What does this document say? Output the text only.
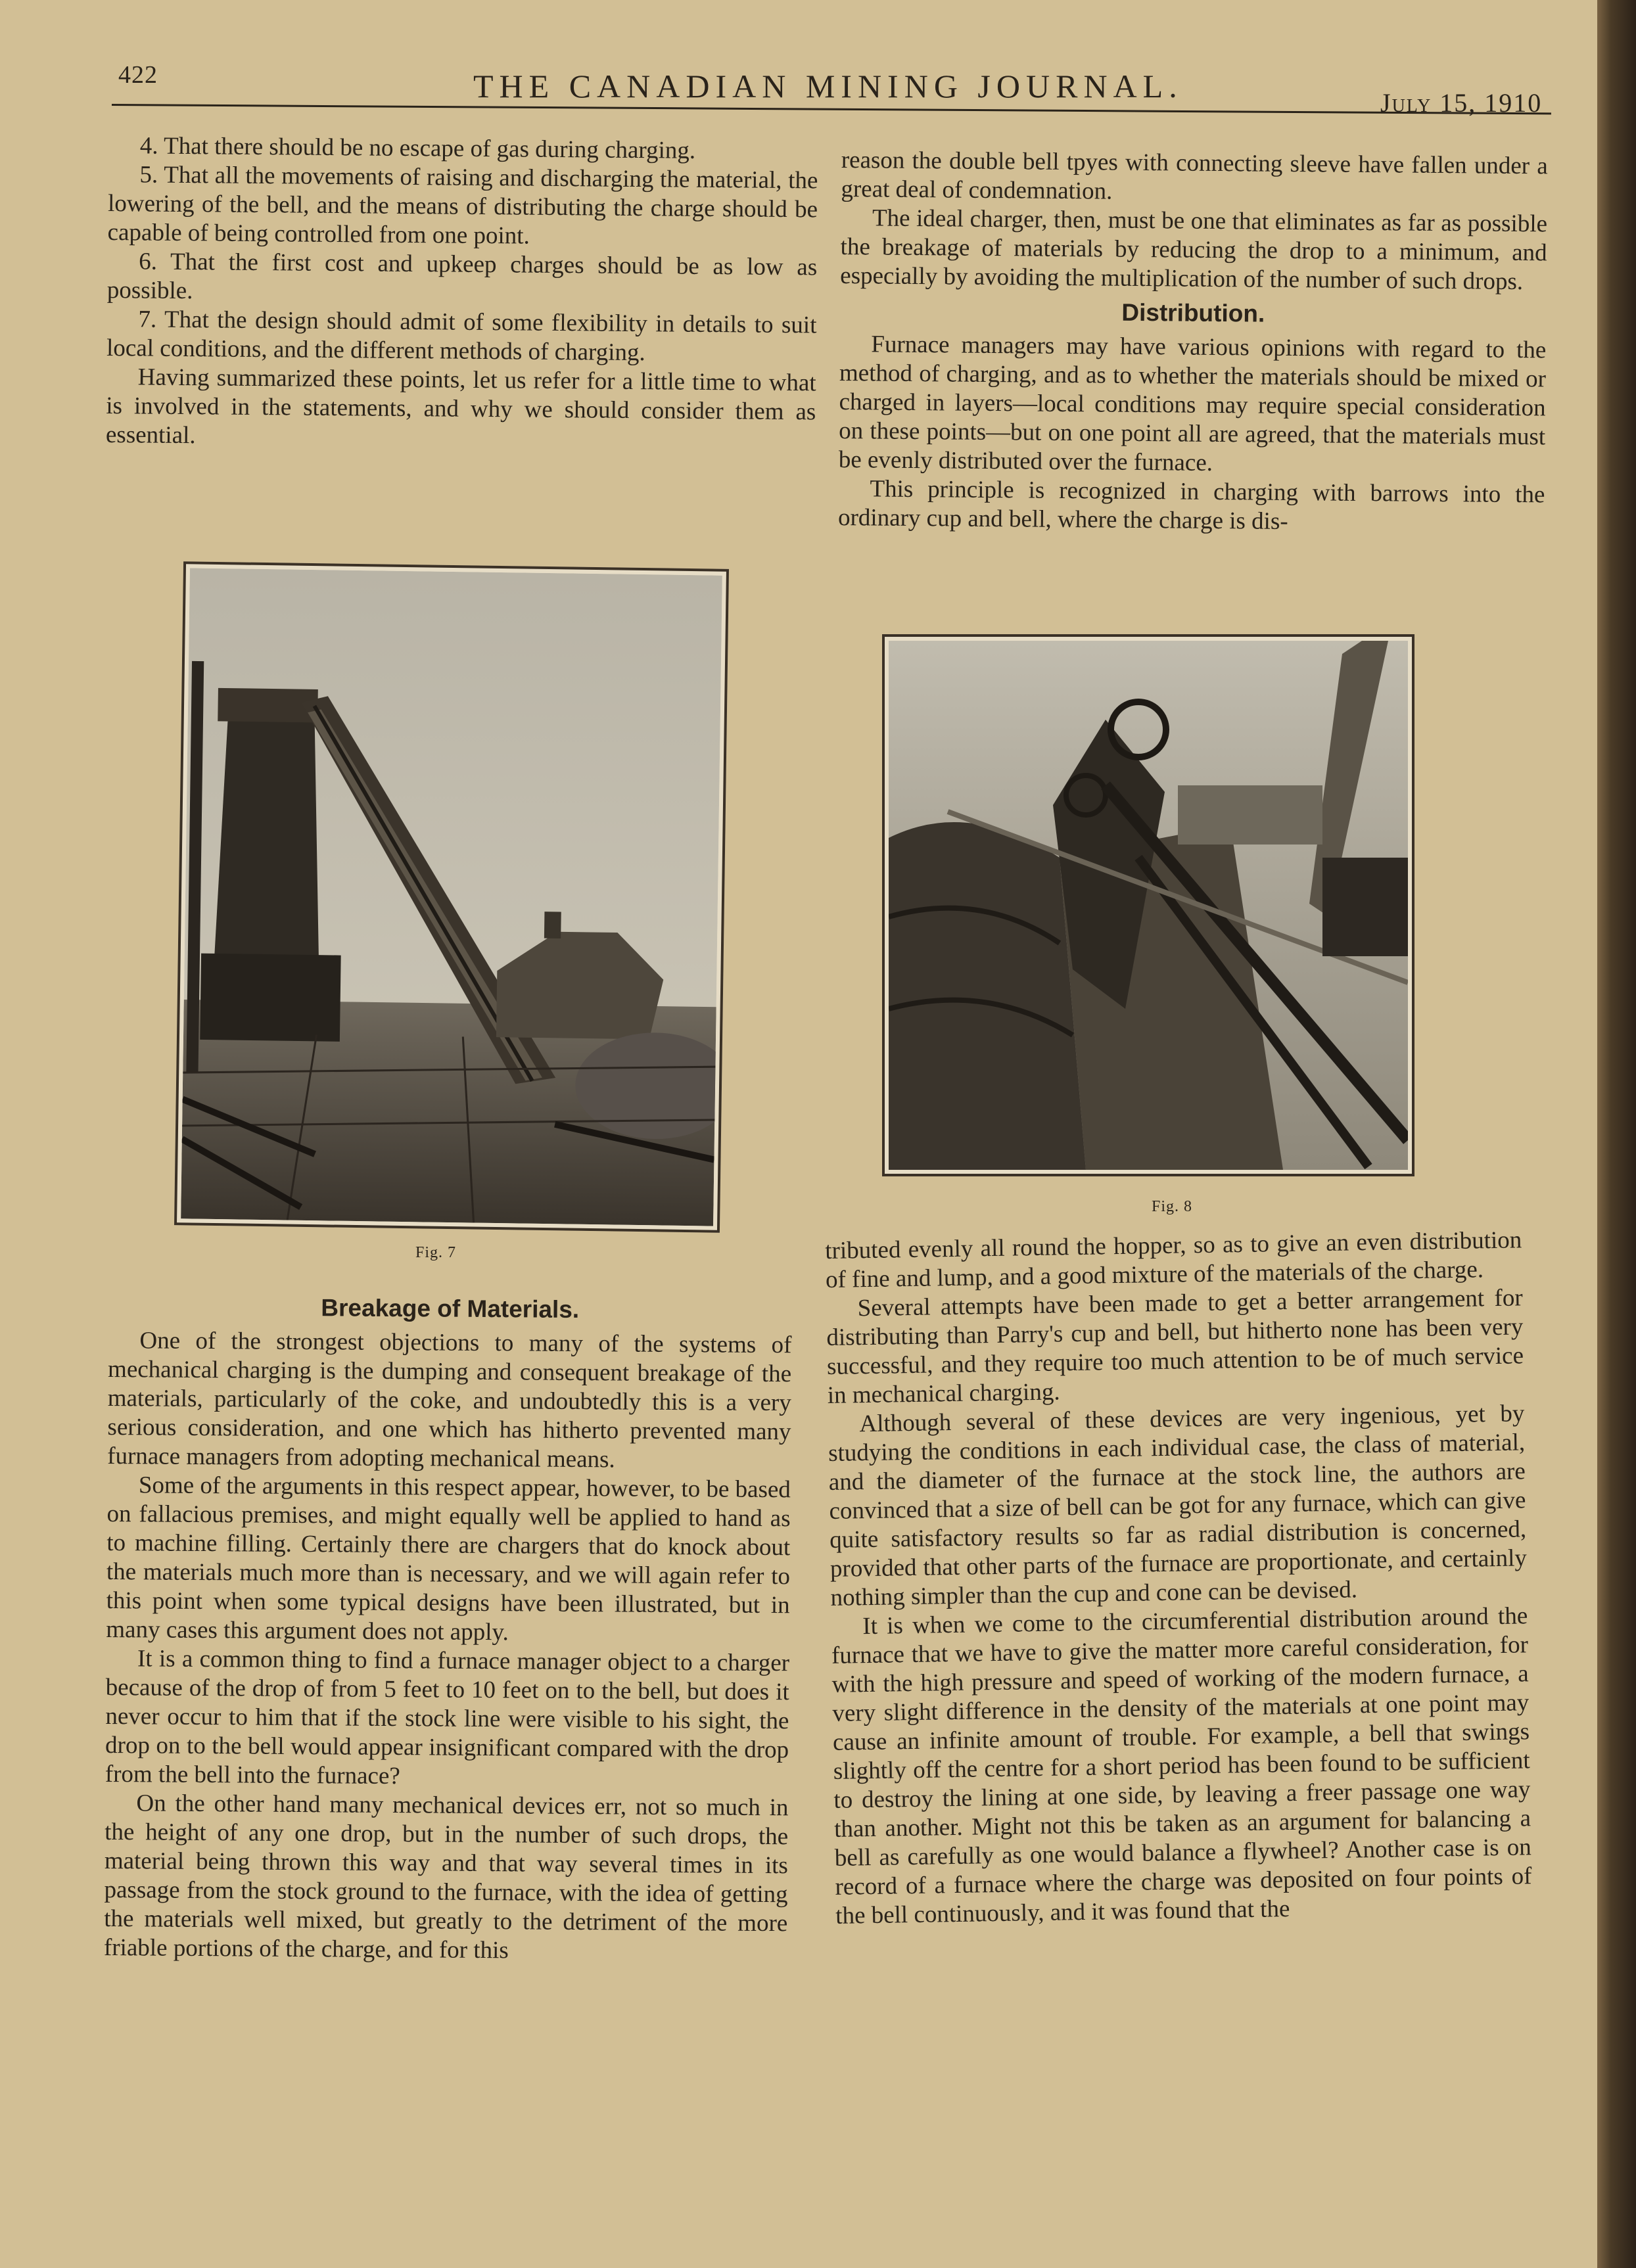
422	THE CANADIAN MINING JOURNAL.	July 15, 1910

4. That there should be no escape of gas during charging.

5. That all the movements of raising and discharging the material, the lowering of the bell, and the means of distributing the charge should be capable of being controlled from one point.

6. That the first cost and upkeep charges should be as low as possible.

7. That the design should admit of some flexibility in details to suit local conditions, and the different methods of charging.

Having summarized these points, let us refer for a little time to what is involved in the statements, and why we should consider them as essential.

reason the double bell tpyes with connecting sleeve have fallen under a great deal of condemnation.

The ideal charger, then, must be one that eliminates as far as possible the breakage of materials by reducing the drop to a minimum, and especially by avoiding the multiplication of the number of such drops.

Distribution.

Furnace managers may have various opinions with regard to the method of charging, and as to whether the materials should be mixed or charged in layers—local conditions may require special consideration on these points—but on one point all are agreed, that the materials must be evenly distributed over the furnace.

This principle is recognized in charging with barrows into the ordinary cup and bell, where the charge is dis-

Fig. 7
Fig. 8
Breakage of Materials.

One of the strongest objections to many of the systems of mechanical charging is the dumping and consequent breakage of the materials, particularly of the coke, and undoubtedly this is a very serious consideration, and one which has hitherto prevented many furnace managers from adopting mechanical means.

Some of the arguments in this respect appear, however, to be based on fallacious premises, and might equally well be applied to hand as to machine filling. Certainly there are chargers that do knock about the materials much more than is necessary, and we will again refer to this point when some typical designs have been illustrated, but in many cases this argument does not apply.

It is a common thing to find a furnace manager object to a charger because of the drop of from 5 feet to 10 feet on to the bell, but does it never occur to him that if the stock line were visible to his sight, the drop on to the bell would appear insignificant compared with the drop from the bell into the furnace?

On the other hand many mechanical devices err, not so much in the height of any one drop, but in the number of such drops, the material being thrown this way and that way several times in its passage from the stock ground to the furnace, with the idea of getting the materials well mixed, but greatly to the detriment of the more friable portions of the charge, and for this

tributed evenly all round the hopper, so as to give an even distribution of fine and lump, and a good mixture of the materials of the charge.

Several attempts have been made to get a better arrangement for distributing than Parry's cup and bell, but hitherto none has been very successful, and they require too much attention to be of much service in mechanical charging.

Although several of these devices are very ingenious, yet by studying the conditions in each individual case, the class of material, and the diameter of the furnace at the stock line, the authors are convinced that a size of bell can be got for any furnace, which can give quite satisfactory results so far as radial distribution is concerned, provided that other parts of the furnace are proportionate, and certainly nothing simpler than the cup and cone can be devised.

It is when we come to the circumferential distribution around the furnace that we have to give the matter more careful consideration, for with the high pressure and speed of working of the modern furnace, a very slight difference in the density of the materials at one point may cause an infinite amount of trouble. For example, a bell that swings slightly off the centre for a short period has been found to be sufficient to destroy the lining at one side, by leaving a freer passage one way than another. Might not this be taken as an argument for balancing a bell as carefully as one would balance a flywheel? Another case is on record of a furnace where the charge was deposited on four points of the bell continuously, and it was found that the
